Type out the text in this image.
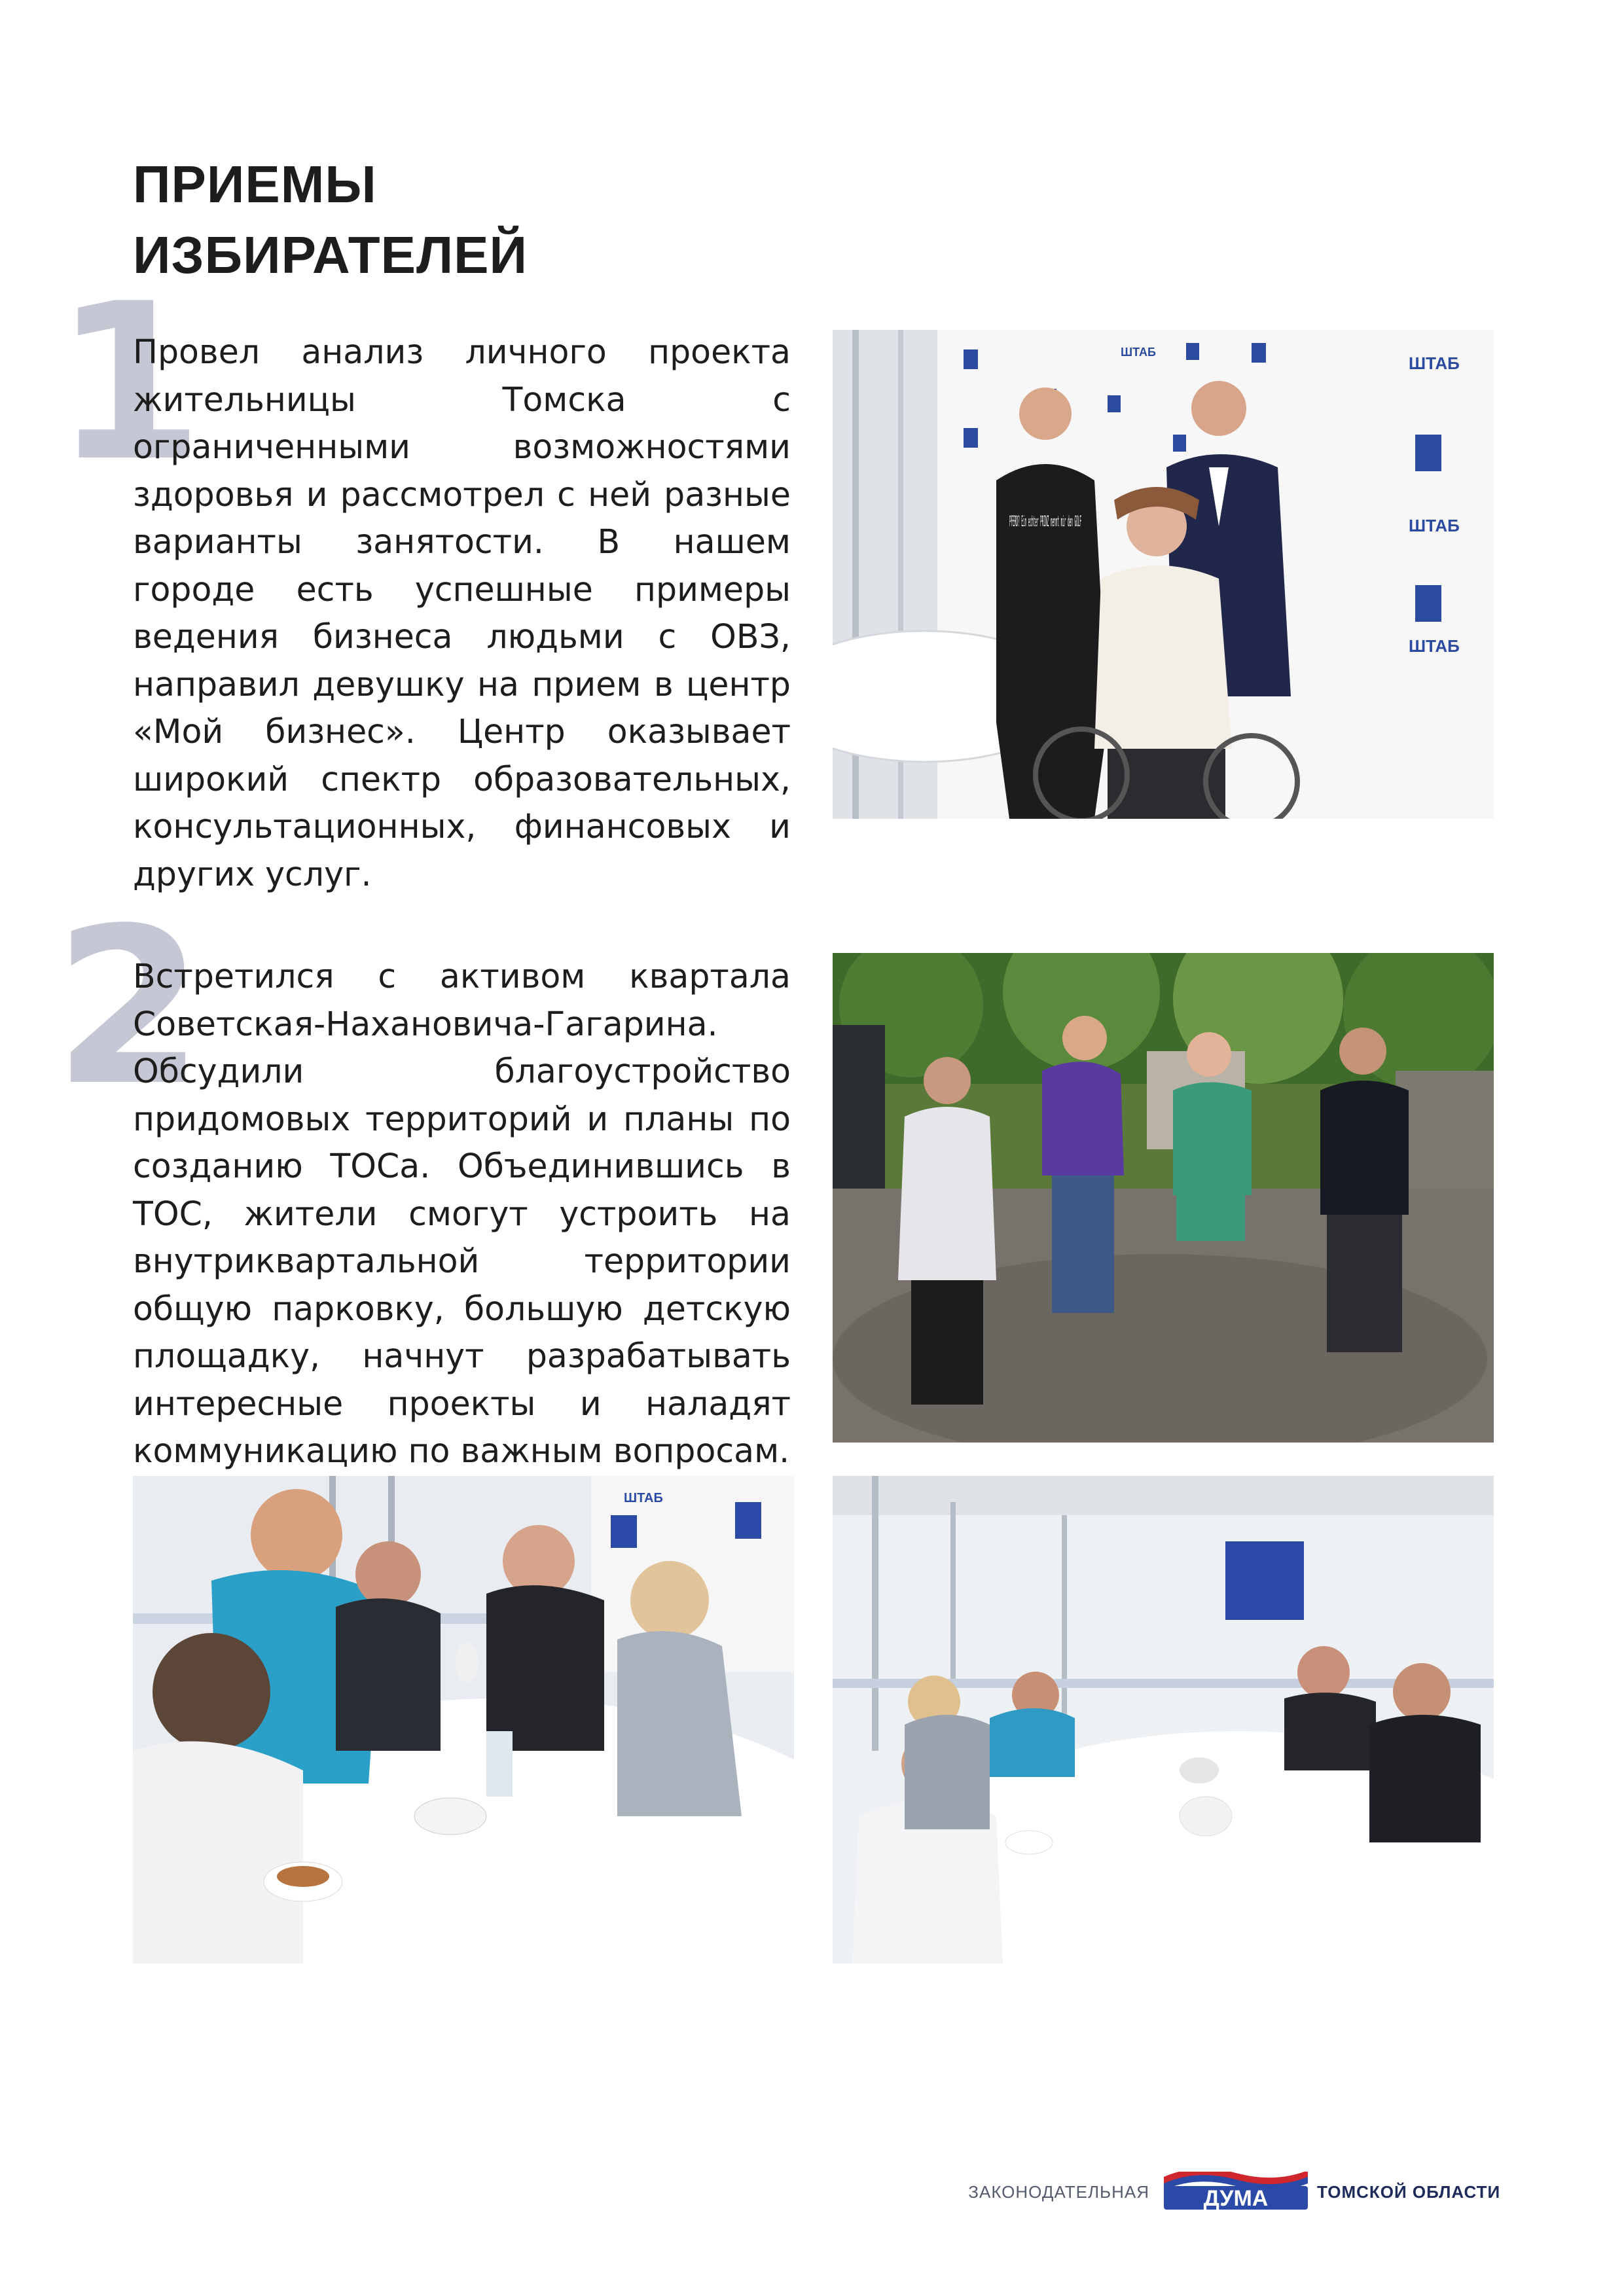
ПРИЕМЫ
ИЗБИРАТЕЛЕЙ
1

Провел анализ личного проекта жительницы Томска с ограниченными возможностями здоровья и рассмотрел с ней разные варианты занятости. В нашем городе есть успешные примеры ведения бизнеса людьми с ОВЗ, направил девушку на прием в центр «Мой бизнес». Центр оказывает широкий спектр образовательных, консультационных, финансовых и других услуг.

ШТАБ
ШТАБ
ШТАБ
ШТАБ
PFERD? Ein echter PRINZ nennt mir den GOLF
2

Встретился с активом квартала Советская-Нахановича-Гагарина. Обсудили благоустройство придомовых территорий и планы по созданию ТОСа. Объединившись в ТОС, жители смогут устроить на внутриквартальной территории общую парковку, большую детскую площадку, начнут разрабатывать интересные проекты и наладят коммуникацию по важным вопросам.

ШТАБ
ЗАКОНОДАТЕЛЬНАЯ ДУМА	ТОМСКОЙ ОБЛАСТИ
